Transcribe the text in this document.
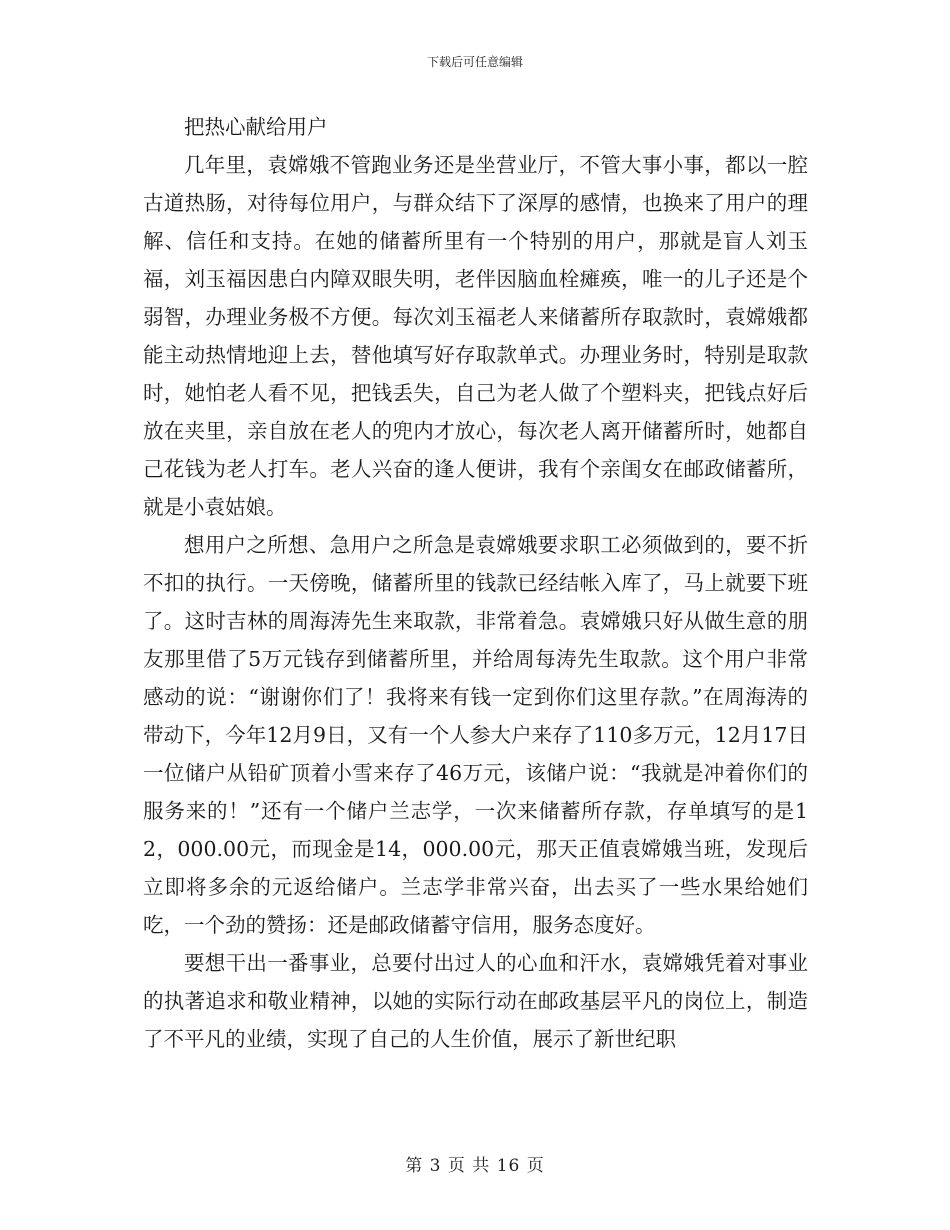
下载后可任意编辑

把热心献给用户

几年里，袁嫦娥不管跑业务还是坐营业厅，不管大事小事，都以一腔古道热肠，对待每位用户，与群众结下了深厚的感情，也换来了用户的理解、信任和支持。在她的储蓄所里有一个特别的用户，那就是盲人刘玉福，刘玉福因患白内障双眼失明，老伴因脑血栓瘫痪，唯一的儿子还是个弱智，办理业务极不方便。每次刘玉福老人来储蓄所存取款时，袁嫦娥都能主动热情地迎上去，替他填写好存取款单式。办理业务时，特别是取款时，她怕老人看不见，把钱丢失，自己为老人做了个塑料夹，把钱点好后放在夹里，亲自放在老人的兜内才放心，每次老人离开储蓄所时，她都自己花钱为老人打车。老人兴奋的逢人便讲，我有个亲闺女在邮政储蓄所，就是小袁姑娘。

想用户之所想、急用户之所急是袁嫦娥要求职工必须做到的，要不折不扣的执行。一天傍晚，储蓄所里的钱款已经结帐入库了，马上就要下班了。这时吉林的周海涛先生来取款，非常着急。袁嫦娥只好从做生意的朋友那里借了5万元钱存到储蓄所里，并给周每涛先生取款。这个用户非常感动的说：“谢谢你们了！我将来有钱一定到你们这里存款。”在周海涛的带动下，今年12月9日，又有一个人参大户来存了110多万元，12月17日一位储户从铅矿顶着小雪来存了46万元，该储户说：“我就是冲着你们的服务来的！”还有一个储户兰志学，一次来储蓄所存款，存单填写的是12，000.00元，而现金是14，000.00元，那天正值袁嫦娥当班，发现后立即将多余的元返给储户。兰志学非常兴奋，出去买了一些水果给她们吃，一个劲的赞扬：还是邮政储蓄守信用，服务态度好。

要想干出一番事业，总要付出过人的心血和汗水，袁嫦娥凭着对事业的执著追求和敬业精神，以她的实际行动在邮政基层平凡的岗位上，制造了不平凡的业绩，实现了自己的人生价值，展示了新世纪职

第 3 页 共 16 页
